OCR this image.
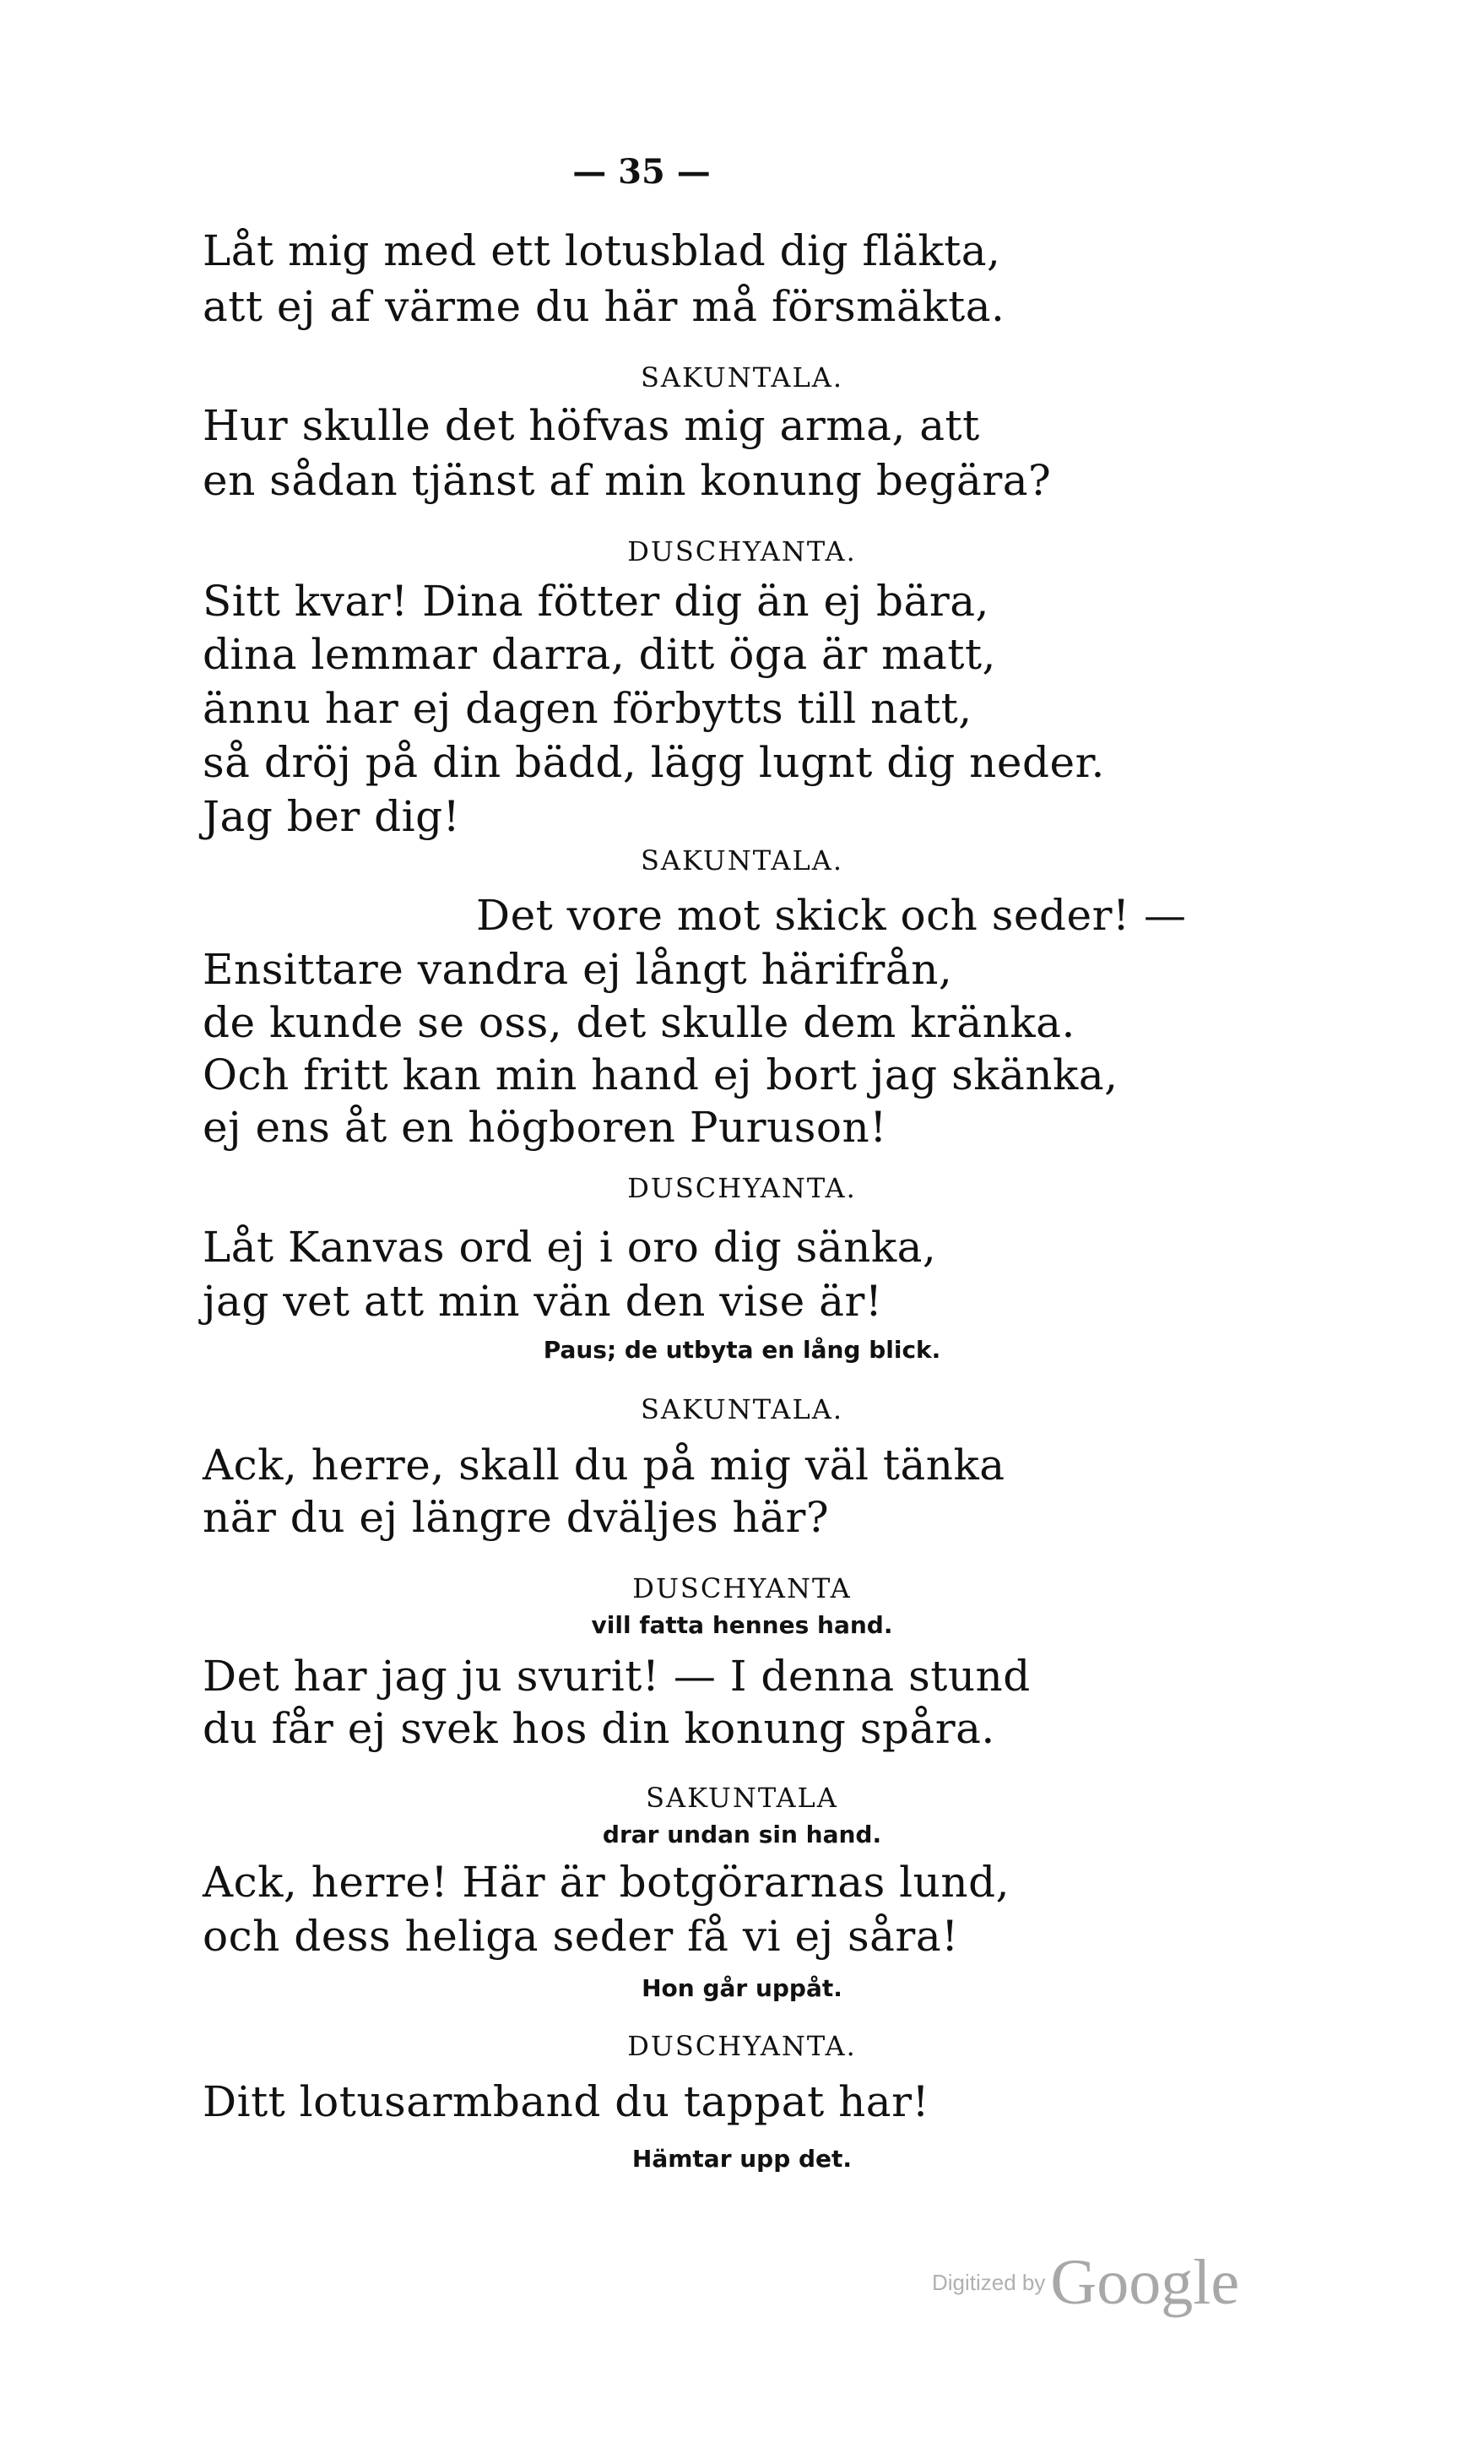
— 35 —
Låt mig med ett lotusblad dig fläkta,
att ej af värme du här må försmäkta.
SAKUNTALA.
Hur skulle det höfvas mig arma, att
en sådan tjänst af min konung begära?
DUSCHYANTA.
Sitt kvar! Dina fötter dig än ej bära,
dina lemmar darra, ditt öga är matt,
ännu har ej dagen förbytts till natt,
så dröj på din bädd, lägg lugnt dig neder.
Jag ber dig!
SAKUNTALA.
Det vore mot skick och seder! —
Ensittare vandra ej långt härifrån,
de kunde se oss, det skulle dem kränka.
Och fritt kan min hand ej bort jag skänka,
ej ens åt en högboren Puruson!
DUSCHYANTA.
Låt Kanvas ord ej i oro dig sänka,
jag vet att min vän den vise är!
Paus; de utbyta en lång blick.
SAKUNTALA.
Ack, herre, skall du på mig väl tänka
när du ej längre dväljes här?
DUSCHYANTA
vill fatta hennes hand.
Det har jag ju svurit! — I denna stund
du får ej svek hos din konung spåra.
SAKUNTALA
drar undan sin hand.
Ack, herre! Här är botgörarnas lund,
och dess heliga seder få vi ej såra!
Hon går uppåt.
DUSCHYANTA.
Ditt lotusarmband du tappat har!
Hämtar upp det.
Digitized byGoogle
